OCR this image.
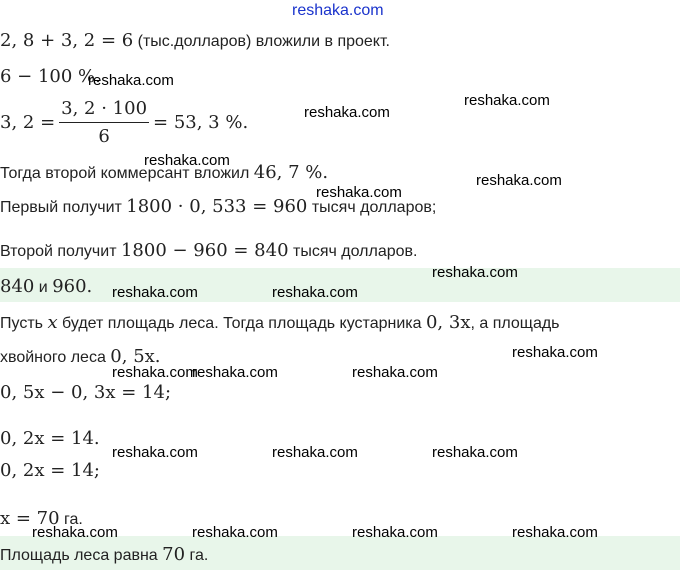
reshaka.com
2, 8 + 3, 2 = 6 (тыс.долларов) вложили в проект.
6 − 100 %.
3, $2 = \frac{3, 2 \cdot 100}{6} = 53$, 3 %.
Тогда второй коммерсант вложил 46, 7 %.
Первый получит 1800 · 0, 533 = 960 тысяч долларов;
Второй получит 1800 − 960 = 840 тысяч долларов.
840 и 960.
Пусть x будет площадь леса. Тогда площадь кустарника 0, 3x, а площадь
хвойного леса 0, 5x.
0, 5x − 0, 3x = 14;
0, 2x = 14.
0, 2x = 14;
x = 70 га.
Площадь леса равна 70 га.
reshaka.com
reshaka.com
reshaka.com
reshaka.com
reshaka.com
reshaka.com
reshaka.com
reshaka.com	reshaka.com
reshaka.com
reshaka.com
reshaka.com	reshaka.com
reshaka.com	reshaka.com	reshaka.com
reshaka.com	reshaka.com	reshaka.com	reshaka.com
